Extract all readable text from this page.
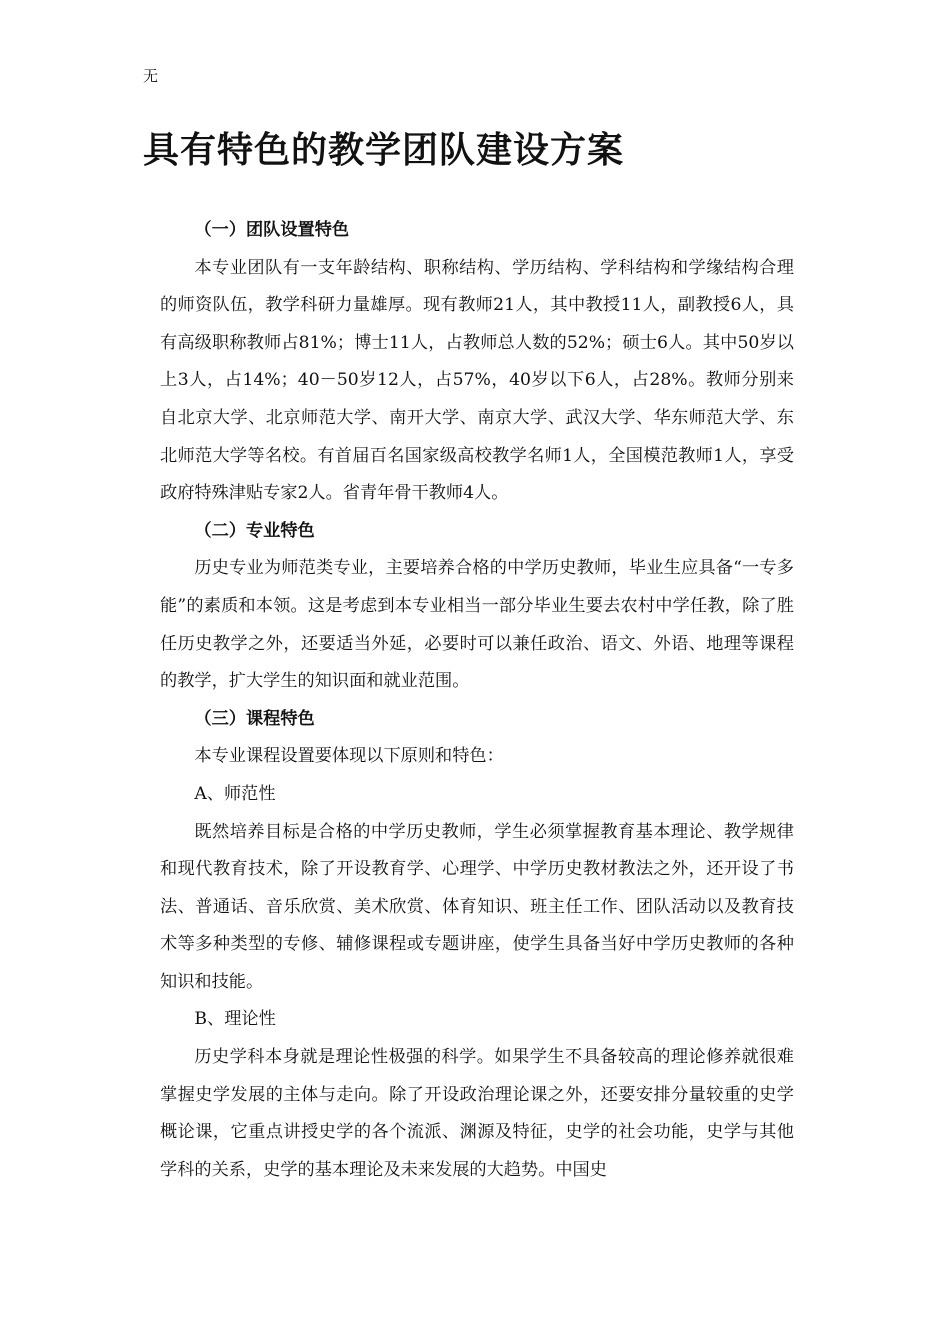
无
具有特色的教学团队建设方案
（一）团队设置特色

本专业团队有一支年龄结构、职称结构、学历结构、学科结构和学缘结构合理的师资队伍，教学科研力量雄厚。现有教师21人，其中教授11人，副教授6人，具有高级职称教师占81%；博士11人，占教师总人数的52%；硕士6人。其中50岁以上3人，占14%；40－50岁12人，占57%，40岁以下6人，占28%。教师分别来自北京大学、北京师范大学、南开大学、南京大学、武汉大学、华东师范大学、东北师范大学等名校。有首届百名国家级高校教学名师1人，全国模范教师1人，享受政府特殊津贴专家2人。省青年骨干教师4人。

（二）专业特色

历史专业为师范类专业，主要培养合格的中学历史教师，毕业生应具备“一专多能”的素质和本领。这是考虑到本专业相当一部分毕业生要去农村中学任教，除了胜任历史教学之外，还要适当外延，必要时可以兼任政治、语文、外语、地理等课程的教学，扩大学生的知识面和就业范围。

（三）课程特色

本专业课程设置要体现以下原则和特色：

A、师范性

既然培养目标是合格的中学历史教师，学生必须掌握教育基本理论、教学规律和现代教育技术，除了开设教育学、心理学、中学历史教材教法之外，还开设了书法、普通话、音乐欣赏、美术欣赏、体育知识、班主任工作、团队活动以及教育技术等多种类型的专修、辅修课程或专题讲座，使学生具备当好中学历史教师的各种知识和技能。

B、理论性

历史学科本身就是理论性极强的科学。如果学生不具备较高的理论修养就很难掌握史学发展的主体与走向。除了开设政治理论课之外，还要安排分量较重的史学概论课，它重点讲授史学的各个流派、渊源及特征，史学的社会功能，史学与其他学科的关系，史学的基本理论及未来发展的大趋势。中国史
